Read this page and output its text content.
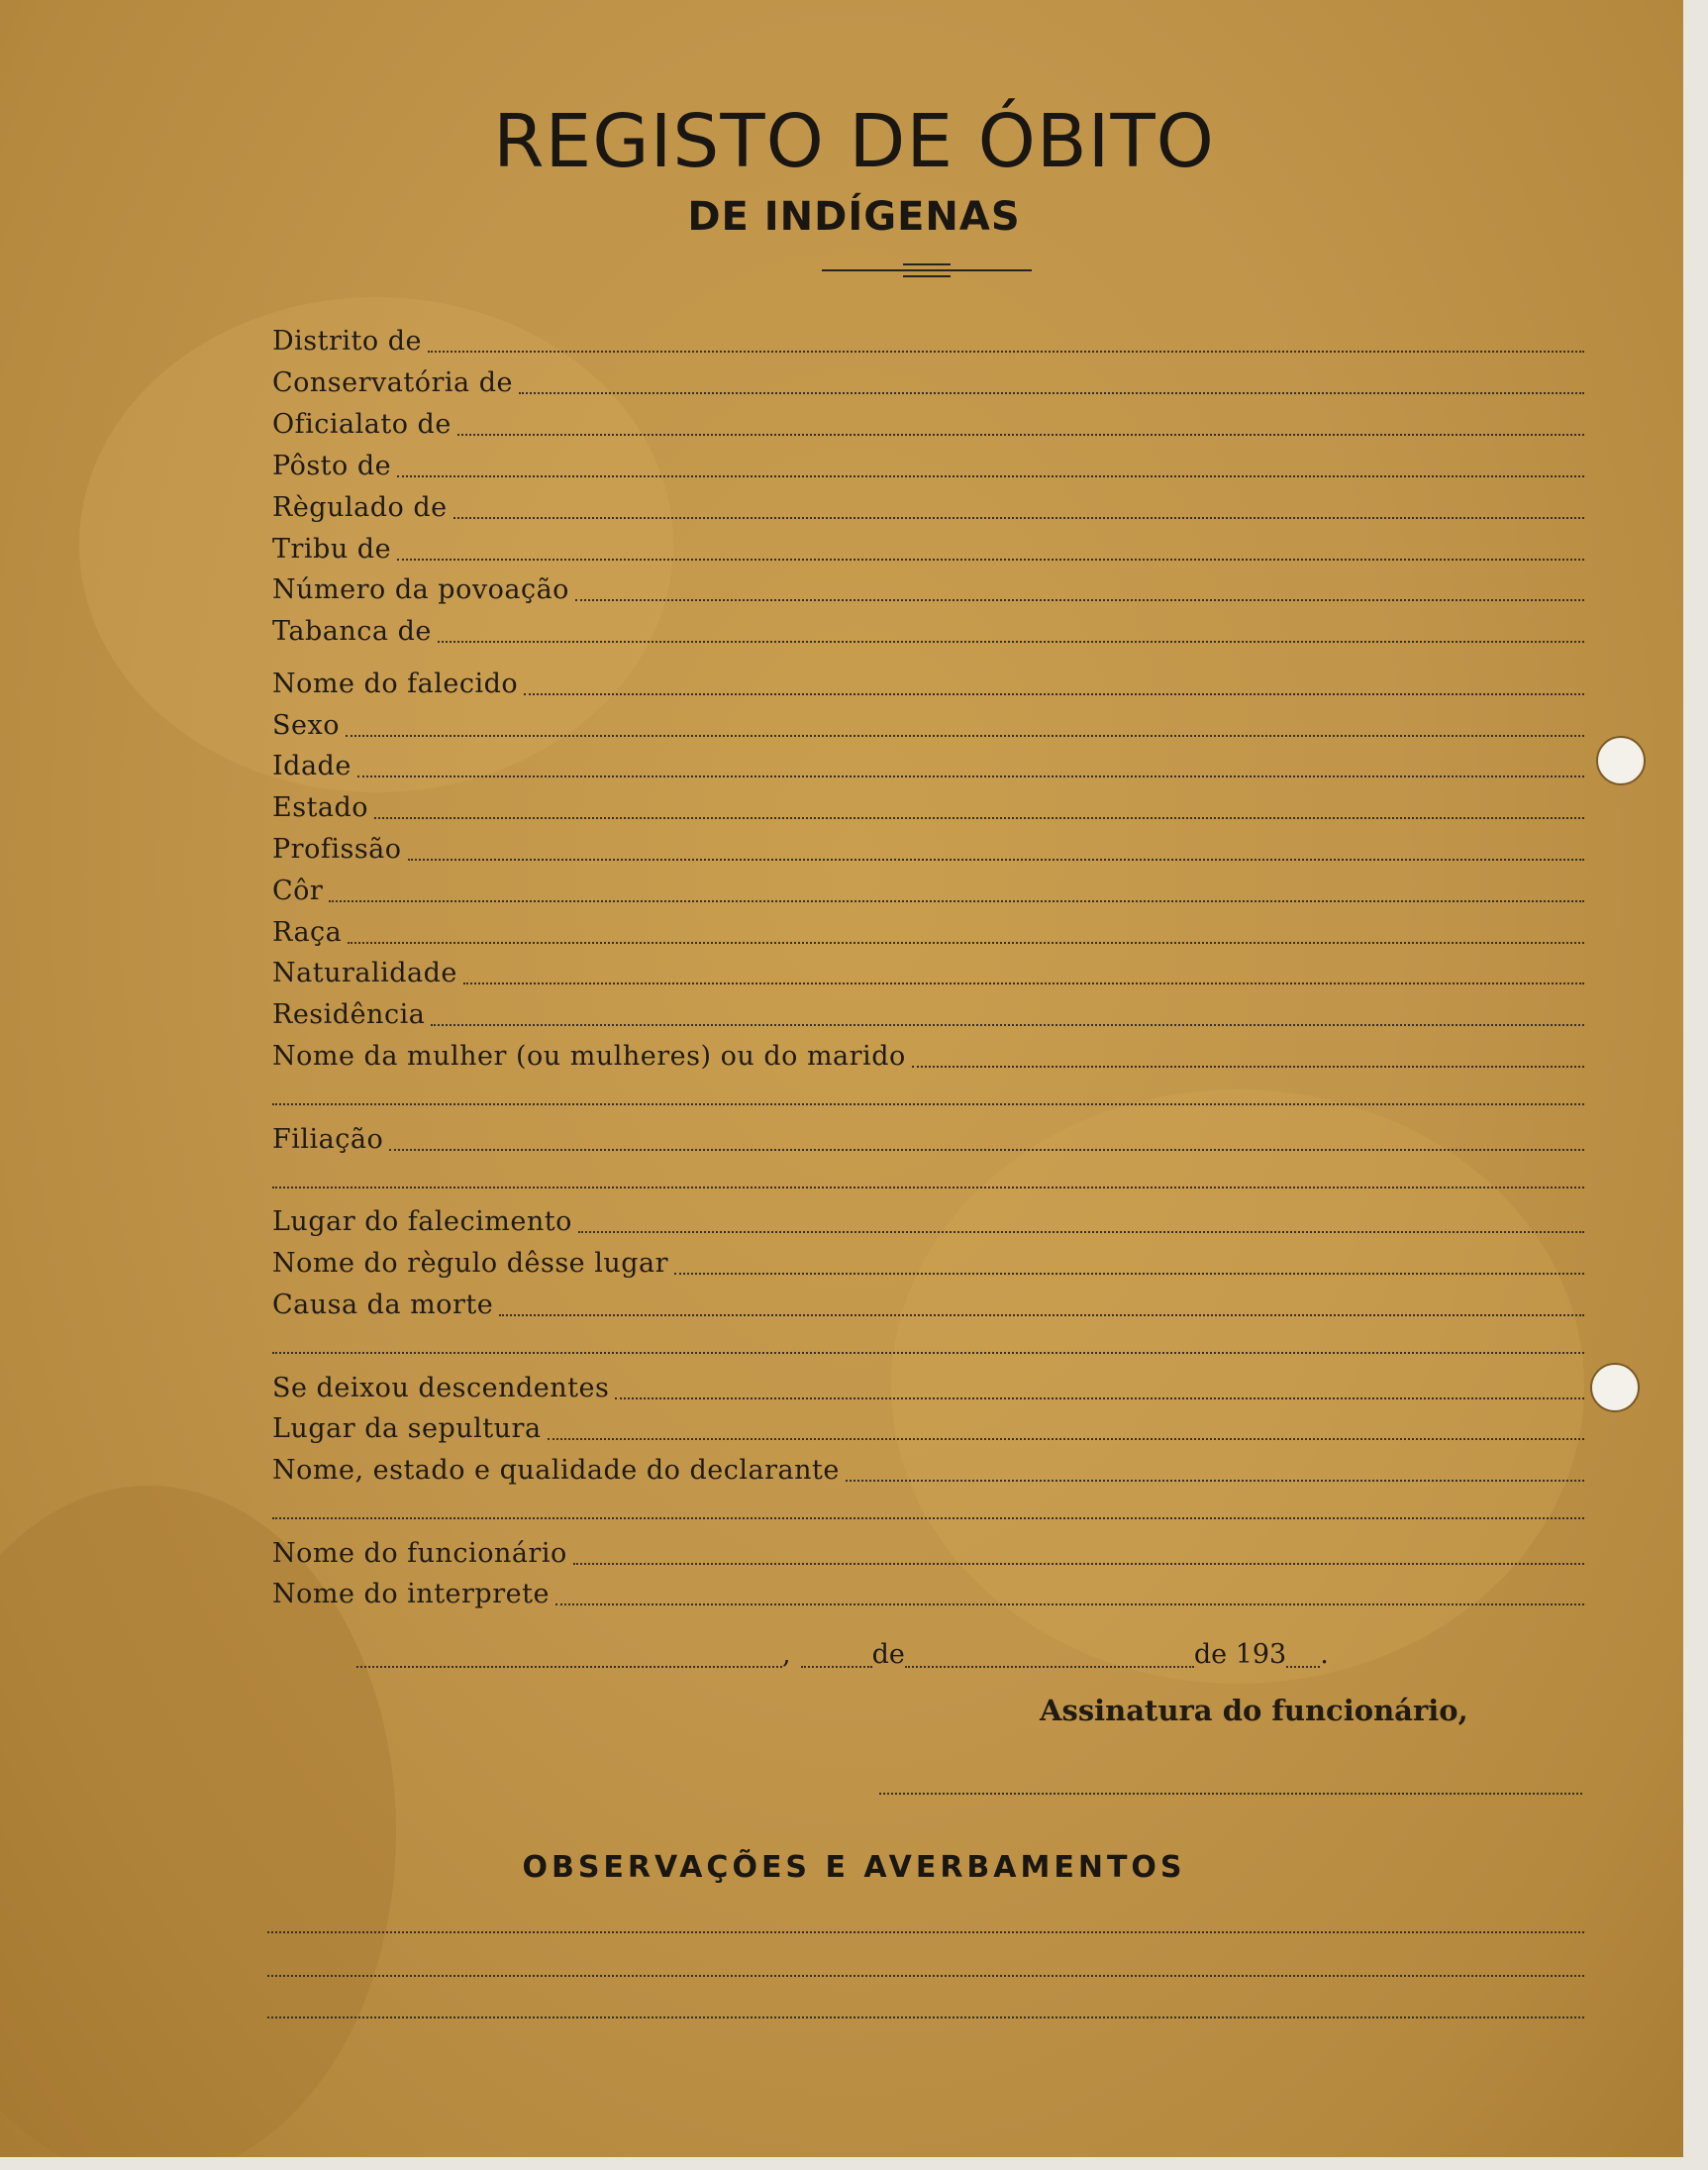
REGISTO DE ÓBITO
DE INDÍGENAS
Distrito de
Conservatória de
Oficialato de
Pôsto de
Règulado de
Tribu de
Número da povoação
Tabanca de
Nome do falecido
Sexo
Idade
Estado
Profissão
Côr
Raça
Naturalidade
Residência
Nome da mulher (ou mulheres) ou do marido
Filiação
Lugar do falecimento
Nome do règulo dêsse lugar
Causa da morte
Se deixou descendentes
Lugar da sepultura
Nome, estado e qualidade do declarante
Nome do funcionário
Nome do interprete
,	de	de 193 .
Assinatura do funcionário,
OBSERVAÇÕES E AVERBAMENTOS
